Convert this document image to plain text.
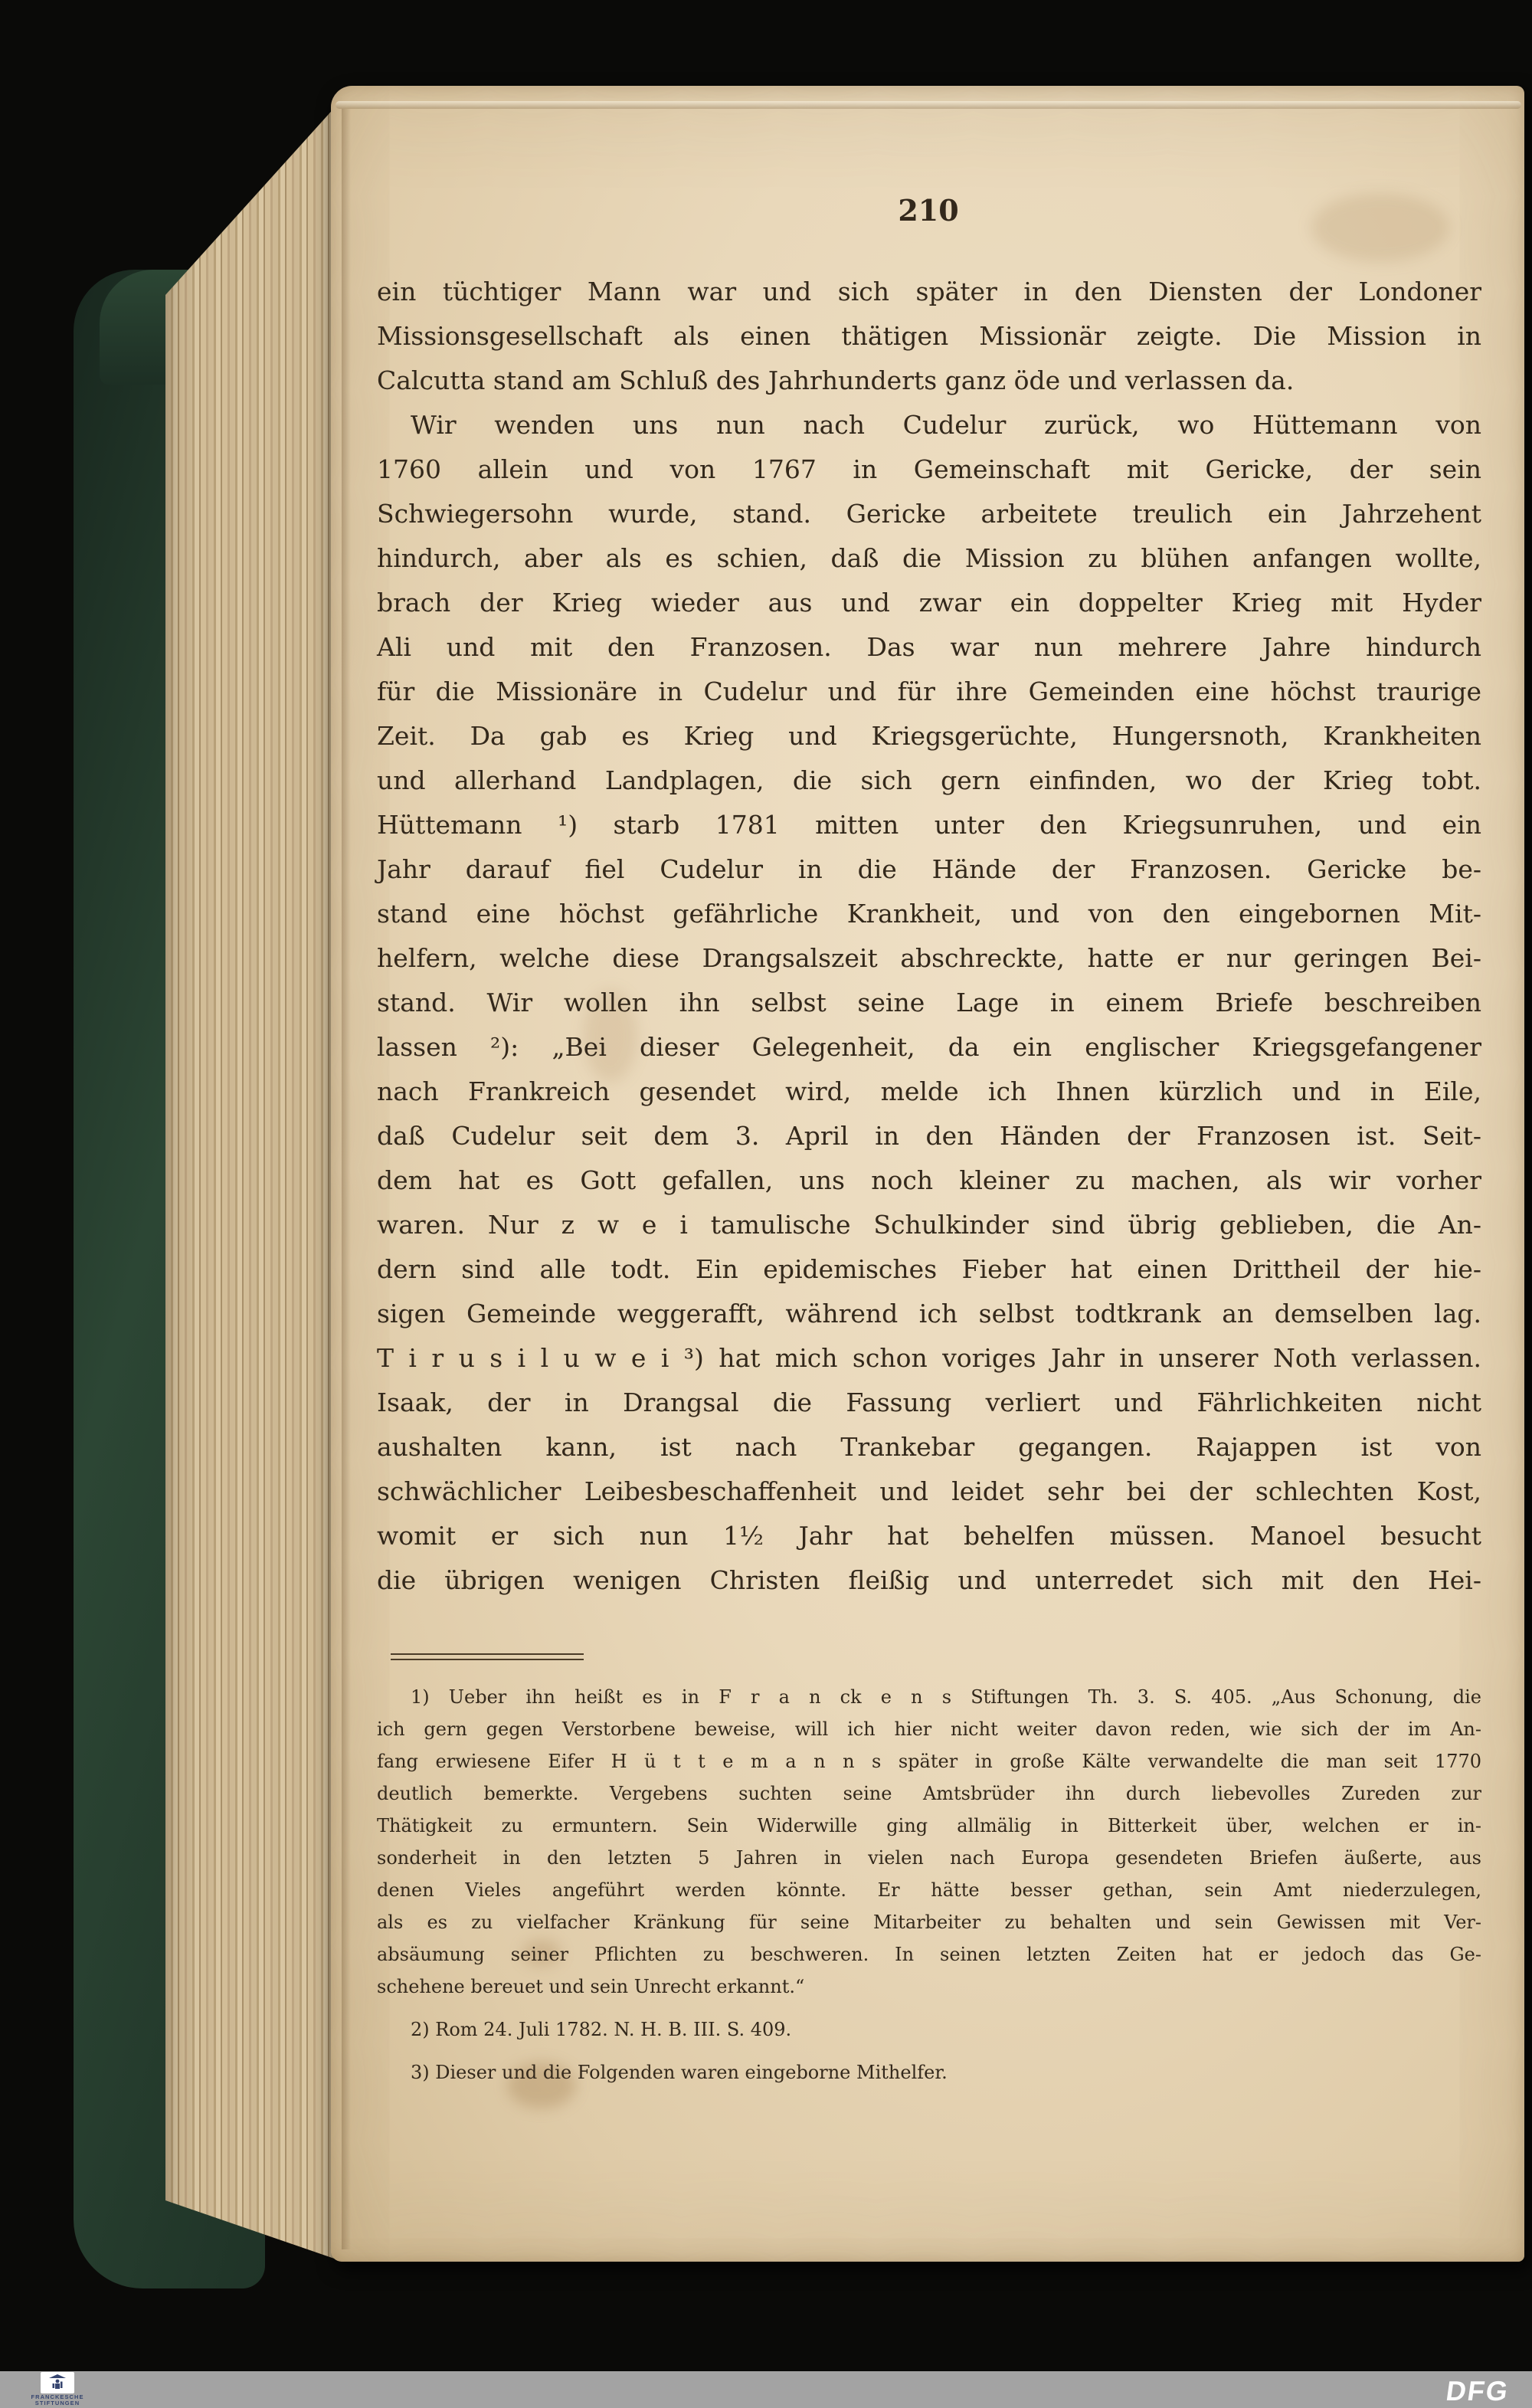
210
ein tüchtiger Mann war und sich später in den Diensten der Londoner
Missionsgesellschaft als einen thätigen Missionär zeigte. Die Mission in
Calcutta stand am Schluß des Jahrhunderts ganz öde und verlassen da.
Wir wenden uns nun nach Cudelur zurück, wo Hüttemann von
1760 allein und von 1767 in Gemeinschaft mit Gericke, der sein
Schwiegersohn wurde, stand. Gericke arbeitete treulich ein Jahrzehent
hindurch, aber als es schien, daß die Mission zu blühen anfangen wollte,
brach der Krieg wieder aus und zwar ein doppelter Krieg mit Hyder
Ali und mit den Franzosen. Das war nun mehrere Jahre hindurch
für die Missionäre in Cudelur und für ihre Gemeinden eine höchst traurige
Zeit. Da gab es Krieg und Kriegsgerüchte, Hungersnoth, Krankheiten
und allerhand Landplagen, die sich gern einfinden, wo der Krieg tobt.
Hüttemann ¹) starb 1781 mitten unter den Kriegsunruhen, und ein
Jahr darauf fiel Cudelur in die Hände der Franzosen. Gericke be-
stand eine höchst gefährliche Krankheit, und von den eingebornen Mit-
helfern, welche diese Drangsalszeit abschreckte, hatte er nur geringen Bei-
stand. Wir wollen ihn selbst seine Lage in einem Briefe beschreiben
lassen ²): „Bei dieser Gelegenheit, da ein englischer Kriegsgefangener
nach Frankreich gesendet wird, melde ich Ihnen kürzlich und in Eile,
daß Cudelur seit dem 3. April in den Händen der Franzosen ist. Seit-
dem hat es Gott gefallen, uns noch kleiner zu machen, als wir vorher
waren. Nur z w e i tamulische Schulkinder sind übrig geblieben, die An-
dern sind alle todt. Ein epidemisches Fieber hat einen Drittheil der hie-
sigen Gemeinde weggerafft, während ich selbst todtkrank an demselben lag.
T i r u s i l u w e i ³) hat mich schon voriges Jahr in unserer Noth verlassen.
Isaak, der in Drangsal die Fassung verliert und Fährlichkeiten nicht
aushalten kann, ist nach Trankebar gegangen. Rajappen ist von
schwächlicher Leibesbeschaffenheit und leidet sehr bei der schlechten Kost,
womit er sich nun 1½ Jahr hat behelfen müssen. Manoel besucht
die übrigen wenigen Christen fleißig und unterredet sich mit den Hei-
1) Ueber ihn heißt es in F r a n ck e n s Stiftungen Th. 3. S. 405. „Aus Schonung, die
ich gern gegen Verstorbene beweise, will ich hier nicht weiter davon reden, wie sich der im An-
fang erwiesene Eifer H ü t t e m a n n s später in große Kälte verwandelte die man seit 1770
deutlich bemerkte. Vergebens suchten seine Amtsbrüder ihn durch liebevolles Zureden zur
Thätigkeit zu ermuntern. Sein Widerwille ging allmälig in Bitterkeit über, welchen er in-
sonderheit in den letzten 5 Jahren in vielen nach Europa gesendeten Briefen äußerte, aus
denen Vieles angeführt werden könnte. Er hätte besser gethan, sein Amt niederzulegen,
als es zu vielfacher Kränkung für seine Mitarbeiter zu behalten und sein Gewissen mit Ver-
absäumung seiner Pflichten zu beschweren. In seinen letzten Zeiten hat er jedoch das Ge-
schehene bereuet und sein Unrecht erkannt.“
2) Rom 24. Juli 1782. N. H. B. III. S. 409.
3) Dieser und die Folgenden waren eingeborne Mithelfer.
FRANCKESCHE
STIFTUNGEN	DFG
